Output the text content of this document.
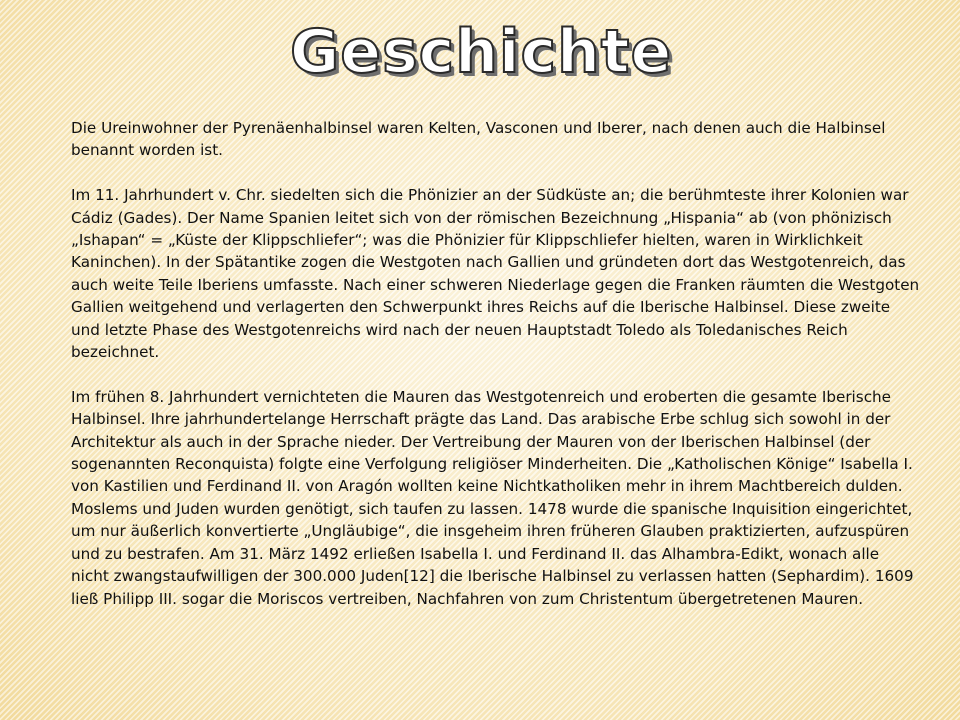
Geschichte

Die Ureinwohner der Pyrenäenhalbinsel waren Kelten, Vasconen und Iberer, nach denen auch die Halbinsel benannt worden ist.

Im 11. Jahrhundert v. Chr. siedelten sich die Phönizier an der Südküste an; die berühmteste ihrer Kolonien war Cádiz (Gades). Der Name Spanien leitet sich von der römischen Bezeichnung „Hispania“ ab (von phönizisch „Ishapan“ = „Küste der Klippschliefer“; was die Phönizier für Klippschliefer hielten, waren in Wirklichkeit Kaninchen). In der Spätantike zogen die Westgoten nach Gallien und gründeten dort das Westgotenreich, das auch weite Teile Iberiens umfasste. Nach einer schweren Niederlage gegen die Franken räumten die Westgoten Gallien weitgehend und verlagerten den Schwerpunkt ihres Reichs auf die Iberische Halbinsel. Diese zweite und letzte Phase des Westgotenreichs wird nach der neuen Hauptstadt Toledo als Toledanisches Reich bezeichnet.

Im frühen 8. Jahrhundert vernichteten die Mauren das Westgotenreich und eroberten die gesamte Iberische Halbinsel. Ihre jahrhundertelange Herrschaft prägte das Land. Das arabische Erbe schlug sich sowohl in der Architektur als auch in der Sprache nieder. Der Vertreibung der Mauren von der Iberischen Halbinsel (der sogenannten Reconquista) folgte eine Verfolgung religiöser Minderheiten. Die „Katholischen Könige“ Isabella I. von Kastilien und Ferdinand II. von Aragón wollten keine Nichtkatholiken mehr in ihrem Machtbereich dulden. Moslems und Juden wurden genötigt, sich taufen zu lassen. 1478 wurde die spanische Inquisition eingerichtet, um nur äußerlich konvertierte „Ungläubige“, die insgeheim ihren früheren Glauben praktizierten, aufzuspüren und zu bestrafen. Am 31. März 1492 erließen Isabella I. und Ferdinand II. das Alhambra-Edikt, wonach alle nicht zwangstaufwilligen der 300.000 Juden[12] die Iberische Halbinsel zu verlassen hatten (Sephardim). 1609 ließ Philipp III. sogar die Moriscos vertreiben, Nachfahren von zum Christentum übergetretenen Mauren.
